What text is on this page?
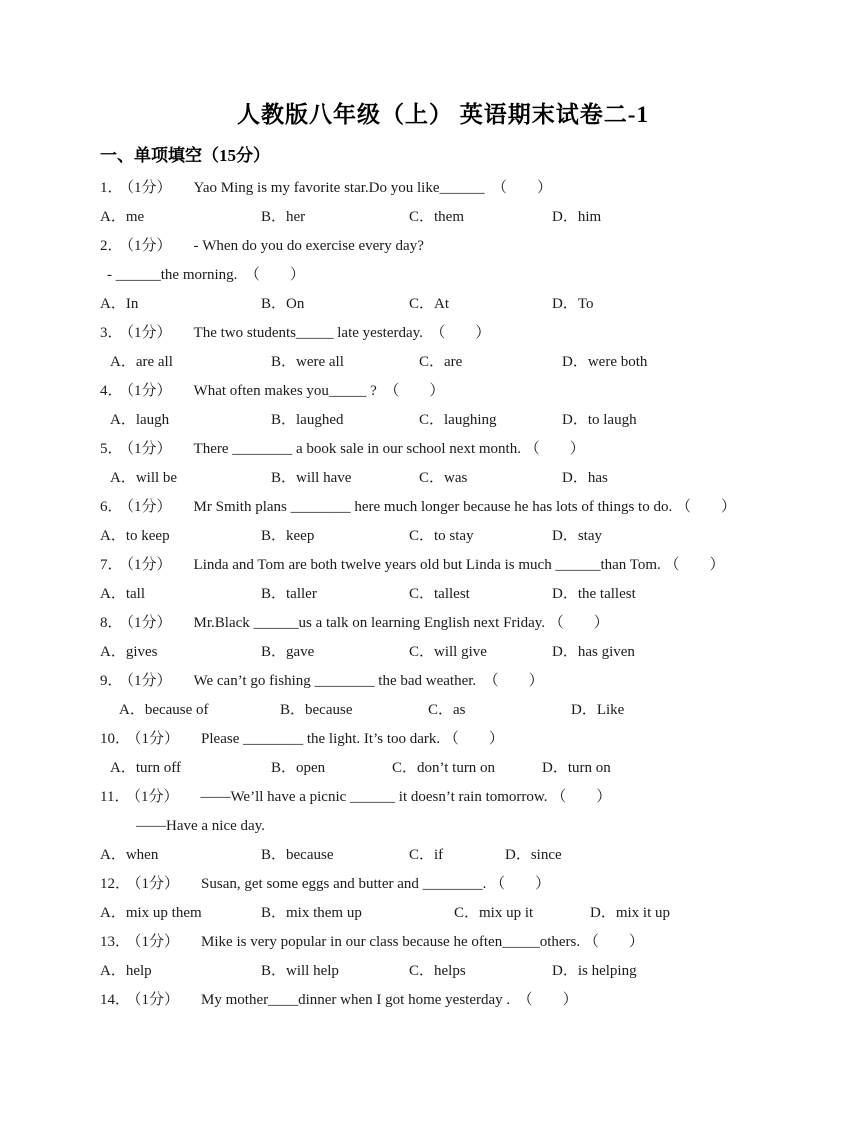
人教版八年级（上） 英语期末试卷二-1
一、单项填空（15分）
1． （1分） Yao Ming is my favorite star.Do you like______　（　　）
A．me	B．her	C．them	D．him
2． （1分） - When do you do exercise every day?
- ______the morning.　（　　）
A．In	B．On	C．At	D．To
3． （1分） The two students_____ late yesterday.　（　　）
A．are all	B．were all	C．are	D．were both
4． （1分） What often makes you_____ ?　（　　）
A．laugh	B．laughed	C．laughing	D．to laugh
5． （1分） There ________ a book sale in our school next month. （　　）
A．will be	B．will have	C．was	D．has
6． （1分） Mr Smith plans ________ here much longer because he has lots of things to do. （　　）
A．to keep	B．keep	C．to stay	D．stay
7． （1分） Linda and Tom are both twelve years old but Linda is much ______than Tom. （　　）
A．tall	B．taller	C．tallest	D．the tallest
8． （1分） Mr.Black ______us a talk on learning English next Friday. （　　）
A．gives	B．gave	C．will give	D．has given
9． （1分） We can’t go fishing ________ the bad weather.　（　　）
A．because of	B．because	C．as	D．Like
10． （1分） Please ________ the light. It’s too dark. （　　）
A．turn off	B．open	C．don’t turn on	D．turn on
11． （1分） ——We’ll have a picnic ______ it doesn’t rain tomorrow. （　　）
——Have a nice day.
A．when	B．because	C．if	D．since
12． （1分） Susan, get some eggs and butter and ________. （　　）
A．mix up them	B．mix them up	C．mix up it	D．mix it up
13． （1分） Mike is very popular in our class because he often_____others. （　　）
A．help	B．will help	C．helps	D．is helping
14． （1分） My mother____dinner when I got home yesterday .　（　　）
